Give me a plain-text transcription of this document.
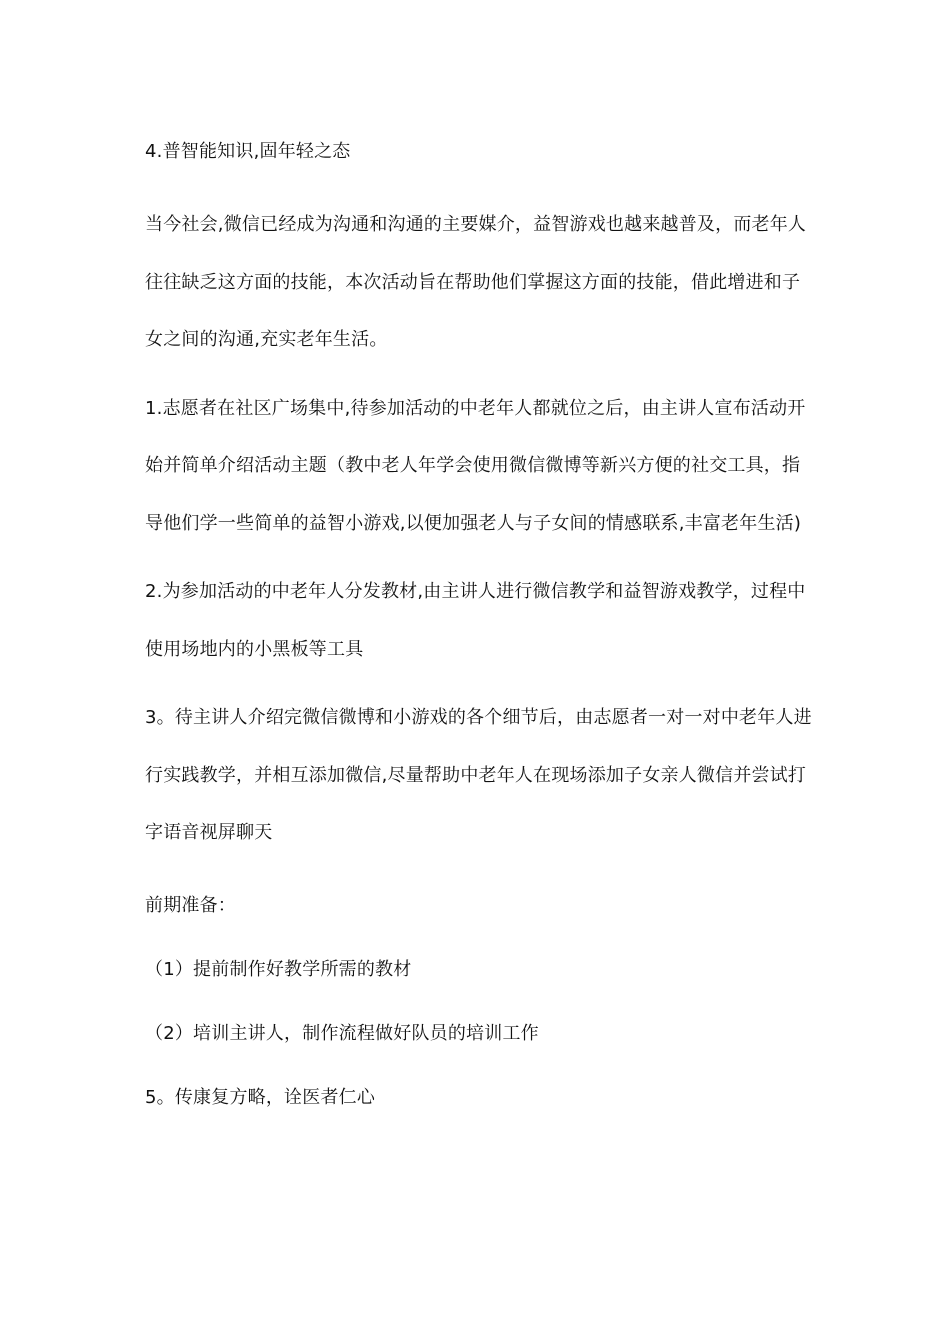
4.普智能知识,固年轻之态

当今社会,微信已经成为沟通和沟通的主要媒介，益智游戏也越来越普及，而老年人往往缺乏这方面的技能，本次活动旨在帮助他们掌握这方面的技能，借此增进和子女之间的沟通,充实老年生活。

1.志愿者在社区广场集中,待参加活动的中老年人都就位之后，由主讲人宣布活动开始并简单介绍活动主题（教中老人年学会使用微信微博等新兴方便的社交工具，指导他们学一些简单的益智小游戏,以便加强老人与子女间的情感联系,丰富老年生活)

2.为参加活动的中老年人分发教材,由主讲人进行微信教学和益智游戏教学，过程中使用场地内的小黑板等工具

3。待主讲人介绍完微信微博和小游戏的各个细节后，由志愿者一对一对中老年人进行实践教学，并相互添加微信,尽量帮助中老年人在现场添加子女亲人微信并尝试打字语音视屏聊天

前期准备：

（1）提前制作好教学所需的教材

（2）培训主讲人，制作流程做好队员的培训工作

5。传康复方略，诠医者仁心
